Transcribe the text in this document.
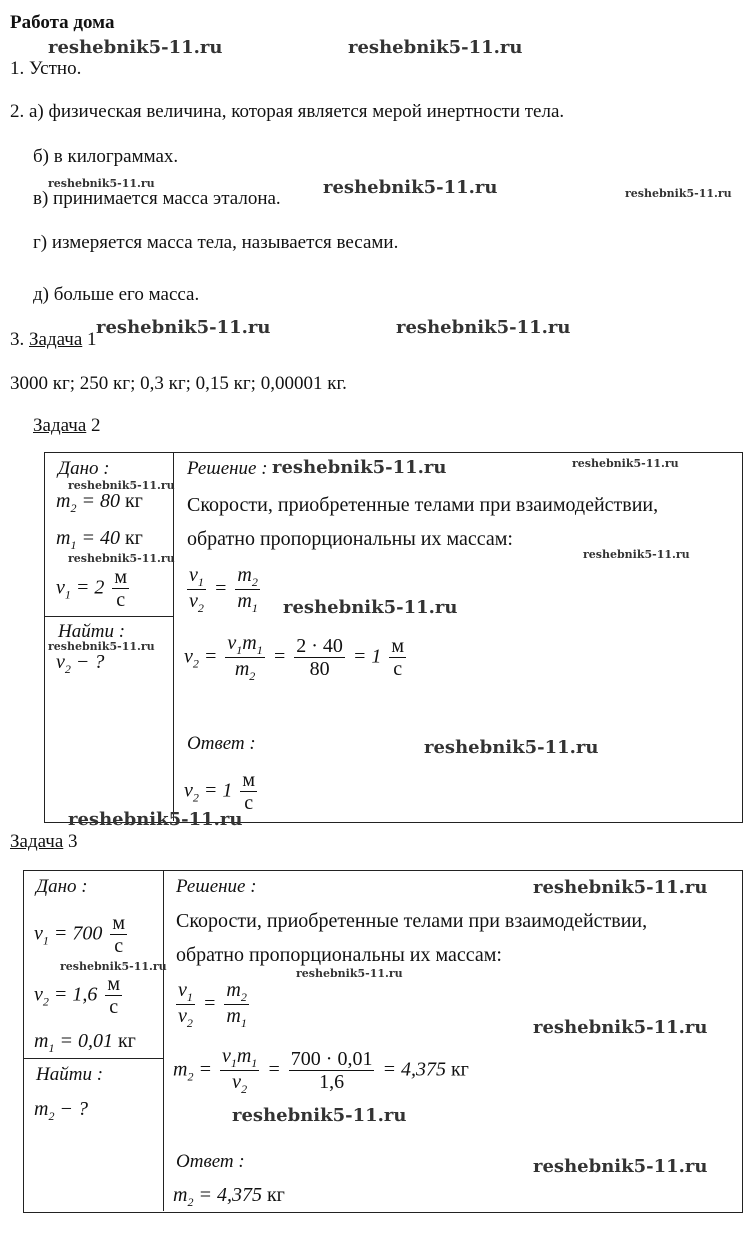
Работа дома
1. Устно.
2. а) физическая величина, которая является мерой инертности тела.
б) в килограммах.
в) принимается масса эталона.
г) измеряется масса тела, называется весами.
д) больше его масса.
3. Задача 1
3000 кг; 250 кг; 0,3 кг; 0,15 кг; 0,00001 кг.
Задача 2
Дано :
$m_2 = 80$ кг
$m_1 = 40$ кг
$v_1 = 2 \frac{м}{с}$
Найти :
$v_2$ − ?
Решение :
Скорости, приобретенные телами при взаимодействии,
обратно пропорциональны их массам:
$\frac{v_1}{v_2} = \frac{m_2}{m_1}$
$v_2 = \frac{v_1m_1}{m_2} = \frac{2 \cdot 40}{80} = 1 \frac{м}{с}$
Ответ :
$v_2 = 1 \frac{м}{с}$
Задача 3
Дано :
$v_1 = 700 \frac{м}{с}$
$v_2 = 1,6 \frac{м}{с}$
$m_1 = 0,01$ кг
Найти :
$m_2$ − ?
Решение :
Скорости, приобретенные телами при взаимодействии,
обратно пропорциональны их массам:
$\frac{v_1}{v_2} = \frac{m_2}{m_1}$
$m_2 = \frac{v_1m_1}{v_2} = \frac{700 \cdot 0,01}{1,6} = 4,375$ кг
Ответ :
$m_2 = 4,375$ кг
reshebnik5-11.ru	reshebnik5-11.ru
reshebnik5-11.ru	reshebnik5-11.ru	reshebnik5-11.ru
reshebnik5-11.ru	reshebnik5-11.ru
reshebnik5-11.ru
reshebnik5-11.ru	reshebnik5-11.ru
reshebnik5-11.ru	reshebnik5-11.ru
reshebnik5-11.ru
reshebnik5-11.ru
reshebnik5-11.ru
reshebnik5-11.ru
reshebnik5-11.ru
reshebnik5-11.ru
reshebnik5-11.ru
reshebnik5-11.ru
reshebnik5-11.ru
reshebnik5-11.ru
